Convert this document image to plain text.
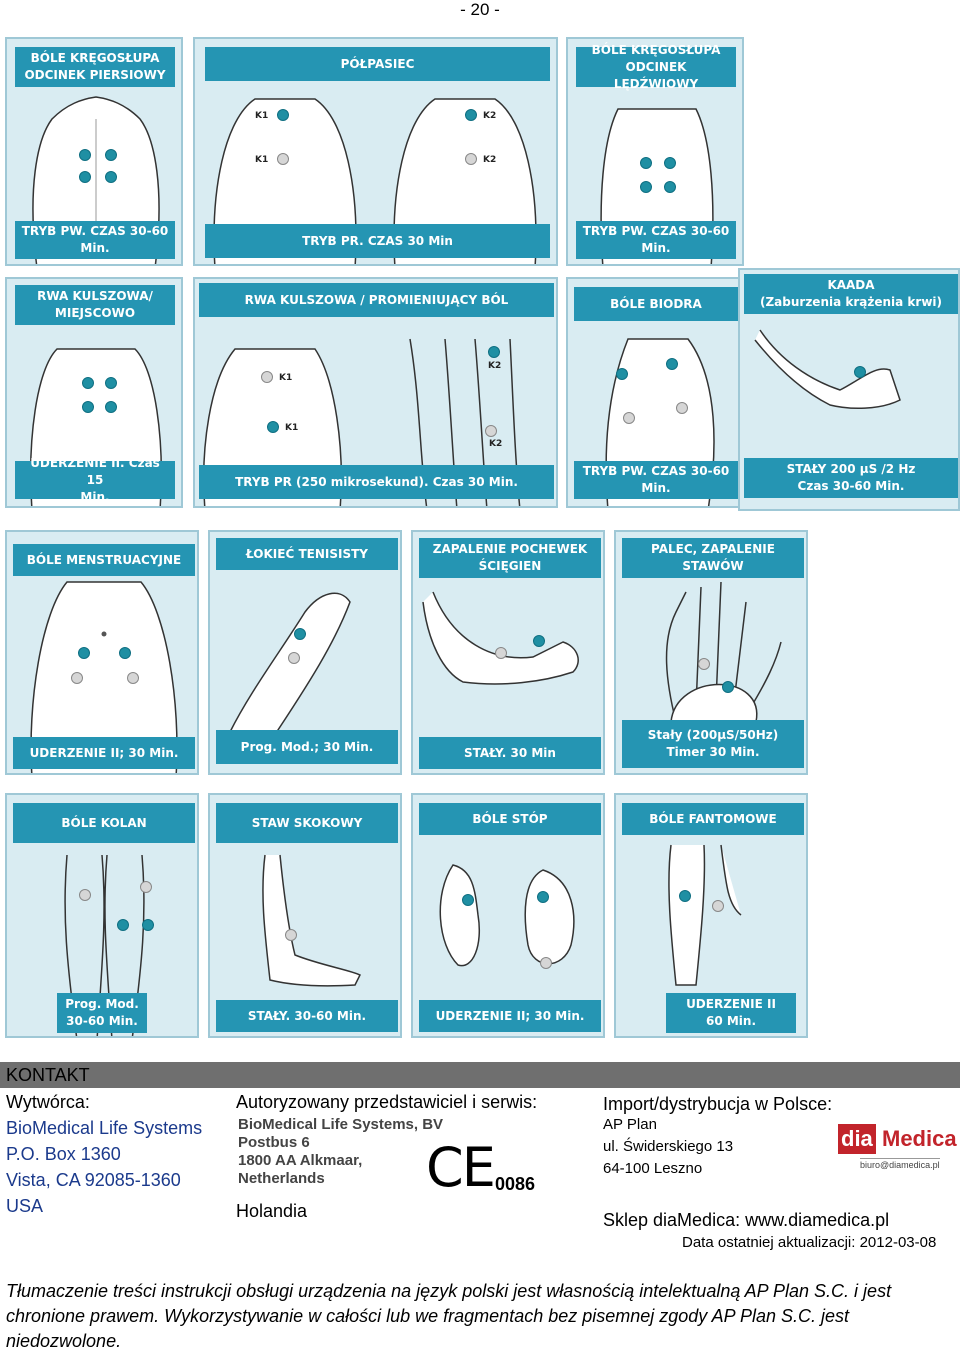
- 20 -
BÓLE KRĘGOSŁUPA
ODCINEK PIERSIOWY
TRYB PW. CZAS 30-60
Min.
PÓŁPASIEC
K1
K1
K2
K2
TRYB PR. CZAS 30 Min
BÓLE KRĘGOSŁUPA
ODCINEK LĘDŹWIOWY
TRYB PW. CZAS 30-60
Min.
RWA KULSZOWA/
MIEJSCOWO
UDERZENIE II. Czas 15
Min.
RWA KULSZOWA / PROMIENIUJĄCY BÓL
K1
K1
K2
K2
TRYB PR (250 mikrosekund). Czas 30 Min.
BÓLE BIODRA
TRYB PW. CZAS 30-60
Min.
KAADA
(Zaburzenia krążenia krwi)
STAŁY 200 μS /2 Hz
Czas 30-60 Min.
BÓLE MENSTRUACYJNE
UDERZENIE II; 30 Min.
ŁOKIEĆ TENISISTY
Prog. Mod.; 30 Min.
ZAPALENIE POCHEWEK
ŚCIĘGIEN
STAŁY. 30 Min
PALEC, ZAPALENIE
STAWÓW
Stały (200μS/50Hz)
Timer 30 Min.
BÓLE KOLAN
Prog. Mod.
30-60 Min.
STAW SKOKOWY
STAŁY. 30-60 Min.
BÓLE STÓP
UDERZENIE II; 30 Min.
BÓLE FANTOMOWE
UDERZENIE II
60 Min.
KONTAKT
Wytwórca:
BioMedical Life Systems
P.O. Box 1360
Vista, CA 92085-1360
USA
Autoryzowany przedstawiciel i serwis:
BioMedical Life Systems, BV
Postbus 6
1800 AA Alkmaar,
Netherlands
Holandia
CE 0086
Import/dystrybucja w Polsce:
AP Plan
ul. Świderskiego 13
64-100 Leszno
dia Medica
biuro@diamedica.pl
Sklep diaMedica: www.diamedica.pl
Data ostatniej aktualizacji: 2012-03-08
Tłumaczenie treści instrukcji obsługi urządzenia na język polski jest własnością intelektualną AP Plan S.C. i jest chronione prawem. Wykorzystywanie w całości lub we fragmentach bez pisemnej zgody AP Plan S.C. jest niedozwolone.
